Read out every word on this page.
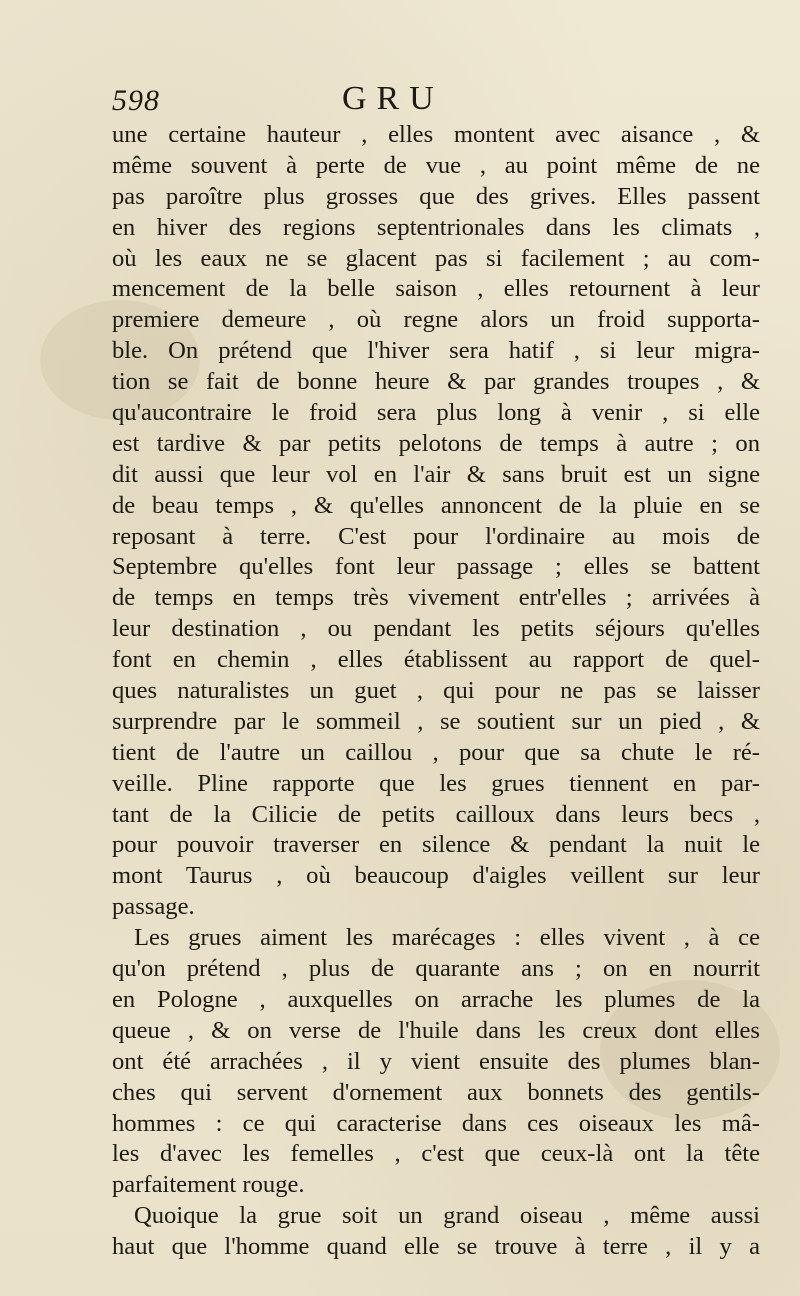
598	GRU
une certaine hauteur , elles montent avec aisance , &
même souvent à perte de vue , au point même de ne
pas paroître plus grosses que des grives. Elles passent
en hiver des regions septentrionales dans les climats ,
où les eaux ne se glacent pas si facilement ; au com-
mencement de la belle saison , elles retournent à leur
premiere demeure , où regne alors un froid supporta-
ble. On prétend que l'hiver sera hatif , si leur migra-
tion se fait de bonne heure & par grandes troupes , &
qu'aucontraire le froid sera plus long à venir , si elle
est tardive & par petits pelotons de temps à autre ; on
dit aussi que leur vol en l'air & sans bruit est un signe
de beau temps , & qu'elles annoncent de la pluie en se
reposant à terre. C'est pour l'ordinaire au mois de
Septembre qu'elles font leur passage ; elles se battent
de temps en temps très vivement entr'elles ; arrivées à
leur destination , ou pendant les petits séjours qu'elles
font en chemin , elles établissent au rapport de quel-
ques naturalistes un guet , qui pour ne pas se laisser
surprendre par le sommeil , se soutient sur un pied , &
tient de l'autre un caillou , pour que sa chute le ré-
veille. Pline rapporte que les grues tiennent en par-
tant de la Cilicie de petits cailloux dans leurs becs ,
pour pouvoir traverser en silence & pendant la nuit le
mont Taurus , où beaucoup d'aigles veillent sur leur
passage.
Les grues aiment les marécages : elles vivent , à ce
qu'on prétend , plus de quarante ans ; on en nourrit
en Pologne , auxquelles on arrache les plumes de la
queue , & on verse de l'huile dans les creux dont elles
ont été arrachées , il y vient ensuite des plumes blan-
ches qui servent d'ornement aux bonnets des gentils-
hommes : ce qui caracterise dans ces oiseaux les mâ-
les d'avec les femelles , c'est que ceux-là ont la tête
parfaitement rouge.
Quoique la grue soit un grand oiseau , même aussi
haut que l'homme quand elle se trouve à terre , il y a
